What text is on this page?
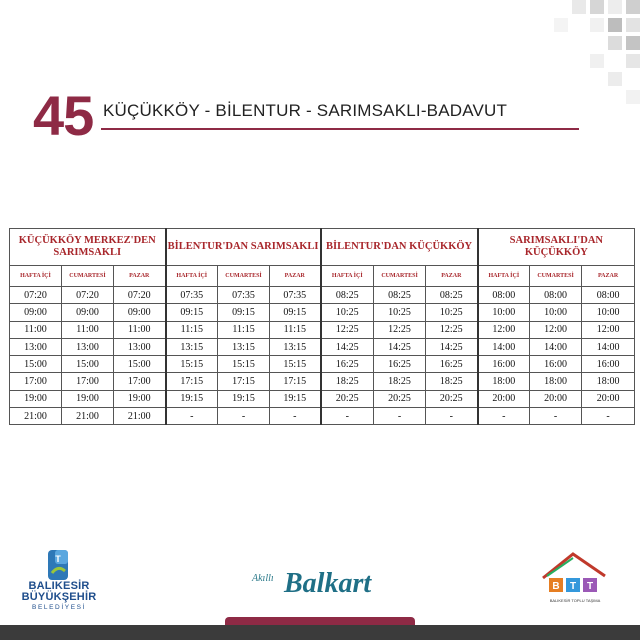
45 KÜÇÜKKÖY - BİLENTUR - SARIMSAKLI-BADAVUT
KÜÇÜKKÖY MERKEZ'DEN SARIMSAKLI			BİLENTUR'DAN SARIMSAKLI			BİLENTUR'DAN KÜÇÜKKÖY			SARIMSAKLI'DAN KÜÇÜKKÖY		
HAFTA İÇİ	CUMARTESİ	PAZAR	HAFTA İÇİ	CUMARTESİ	PAZAR	HAFTA İÇİ	CUMARTESİ	PAZAR	HAFTA İÇİ	CUMARTESİ	PAZAR
07:20	07:20	07:20	07:35	07:35	07:35	08:25	08:25	08:25	08:00	08:00	08:00
09:00	09:00	09:00	09:15	09:15	09:15	10:25	10:25	10:25	10:00	10:00	10:00
11:00	11:00	11:00	11:15	11:15	11:15	12:25	12:25	12:25	12:00	12:00	12:00
13:00	13:00	13:00	13:15	13:15	13:15	14:25	14:25	14:25	14:00	14:00	14:00
15:00	15:00	15:00	15:15	15:15	15:15	16:25	16:25	16:25	16:00	16:00	16:00
17:00	17:00	17:00	17:15	17:15	17:15	18:25	18:25	18:25	18:00	18:00	18:00
19:00	19:00	19:00	19:15	19:15	19:15	20:25	20:25	20:25	20:00	20:00	20:00
21:00	21:00	21:00	-	-	-	-	-	-	-	-	-
T
BALIKESİR
BÜYÜKŞEHİR
BELEDİYESİ
Akıllı Balkart	B T T
BALIKESİR TOPLU TAŞIMA
